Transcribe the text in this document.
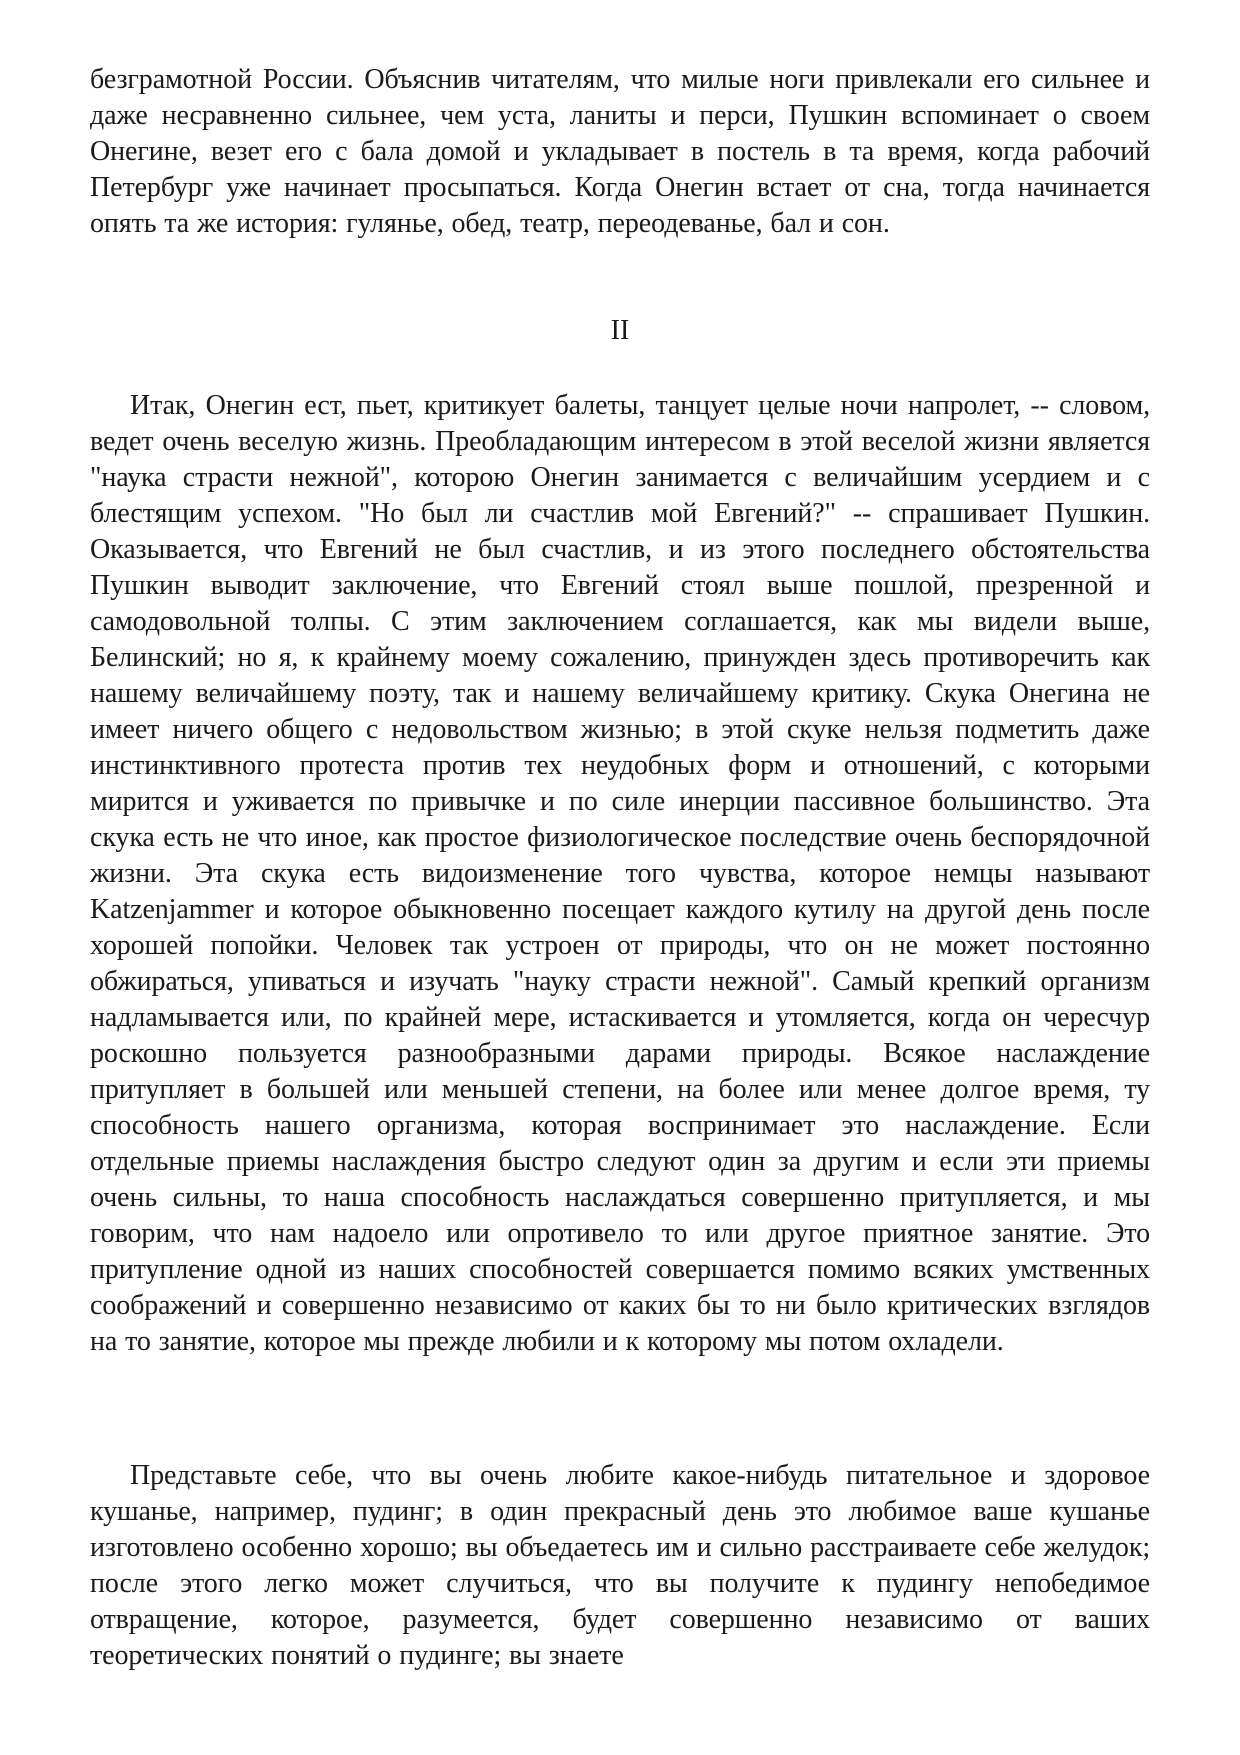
безграмотной России. Объяснив читателям, что милые ноги привлекали его сильнее и даже несравненно сильнее, чем уста, ланиты и перси, Пушкин вспоминает о своем Онегине, везет его с бала домой и укладывает в постель в та время, когда рабочий Петербург уже начинает просыпаться. Когда Онегин встает от сна, тогда начинается опять та же история: гулянье, обед, театр, переодеванье, бал и сон.

II

Итак, Онегин ест, пьет, критикует балеты, танцует целые ночи напролет, -- словом, ведет очень веселую жизнь. Преобладающим интересом в этой веселой жизни является "наука страсти нежной", которою Онегин занимается с величайшим усердием и с блестящим успехом. "Но был ли счастлив мой Евгений?" -- спрашивает Пушкин. Оказывается, что Евгений не был счастлив, и из этого последнего обстоятельства Пушкин выводит заключение, что Евгений стоял выше пошлой, презренной и самодовольной толпы. С этим заключением соглашается, как мы видели выше, Белинский; но я, к крайнему моему сожалению, принужден здесь противоречить как нашему величайшему поэту, так и нашему величайшему критику. Скука Онегина не имеет ничего общего с недовольством жизнью; в этой скуке нельзя подметить даже инстинктивного протеста против тех неудобных форм и отношений, с которыми мирится и уживается по привычке и по силе инерции пассивное большинство. Эта скука есть не что иное, как простое физиологическое последствие очень беспорядочной жизни. Эта скука есть видоизменение того чувства, которое немцы называют Katzenjammer и которое обыкновенно посещает каждого кутилу на другой день после хорошей попойки. Человек так устроен от природы, что он не может постоянно обжираться, упиваться и изучать "науку страсти нежной". Самый крепкий организм надламывается или, по крайней мере, истаскивается и утомляется, когда он чересчур роскошно пользуется разнообразными дарами природы. Всякое наслаждение притупляет в большей или меньшей степени, на более или менее долгое время, ту способность нашего организма, которая воспринимает это наслаждение. Если отдельные приемы наслаждения быстро следуют один за другим и если эти приемы очень сильны, то наша способность наслаждаться совершенно притупляется, и мы говорим, что нам надоело или опротивело то или другое приятное занятие. Это притупление одной из наших способностей совершается помимо всяких умственных соображений и совершенно независимо от каких бы то ни было критических взглядов на то занятие, которое мы прежде любили и к которому мы потом охладели.

Представьте себе, что вы очень любите какое-нибудь питательное и здоровое кушанье, например, пудинг; в один прекрасный день это любимое ваше кушанье изготовлено особенно хорошо; вы объедаетесь им и сильно расстраиваете себе желудок; после этого легко может случиться, что вы получите к пудингу непобедимое отвращение, которое, разумеется, будет совершенно независимо от ваших теоретических понятий о пудинге; вы знаете
